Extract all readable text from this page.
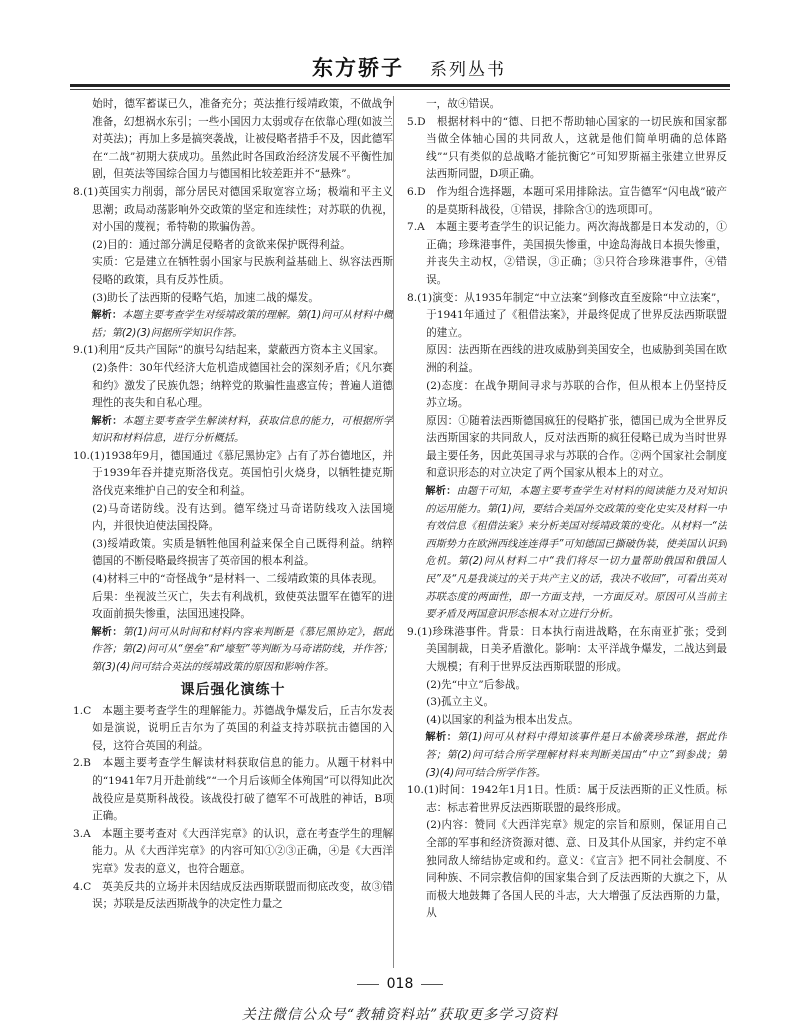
东方骄子 系列丛书

始时，德军蓄谋已久，准备充分；英法推行绥靖政策，不做战争准备，幻想祸水东引；一些小国因力太弱或存在依靠心理(如波兰对英法)；再加上多是搞突袭战，让被侵略者措手不及，因此德军在“二战”初期大获成功。虽然此时各国政治经济发展不平衡性加剧，但英法等国综合国力与德国相比较差距并不“悬殊”。

8.(1)英国实力削弱，部分居民对德国采取宽容立场；极端和平主义思潮；政局动荡影响外交政策的坚定和连续性；对苏联的仇视，对小国的蔑视；希特勒的欺骗伪善。

(2)目的：通过部分满足侵略者的贪欲来保护既得利益。

实质：它是建立在牺牲弱小国家与民族利益基础上、纵容法西斯侵略的政策，具有反苏性质。

(3)助长了法西斯的侵略气焰，加速二战的爆发。

解析：本题主要考查学生对绥靖政策的理解。第(1)问可从材料中概括；第(2)(3)问据所学知识作答。

9.(1)利用“反共产国际”的旗号勾结起来，蒙蔽西方资本主义国家。

(2)条件：30年代经济大危机造成德国社会的深刻矛盾；《凡尔赛和约》激发了民族仇怨；纳粹党的欺骗性蛊惑宣传；普遍人道德理性的丧失和自私心理。

解析：本题主要考查学生解读材料，获取信息的能力，可根据所学知识和材料信息，进行分析概括。

10.(1)1938年9月，德国通过《慕尼黑协定》占有了苏台德地区，并于1939年吞并捷克斯洛伐克。英国怕引火烧身，以牺牲捷克斯洛伐克来维护自己的安全和利益。

(2)马奇诺防线。没有达到。德军绕过马奇诺防线攻入法国境内，并很快迫使法国投降。

(3)绥靖政策。实质是牺牲他国利益来保全自己既得利益。纳粹德国的不断侵略最终损害了英帝国的根本利益。

(4)材料三中的“奇怪战争”是材料一、二绥靖政策的具体表现。

后果：坐视波兰灭亡，失去有利战机，致使英法盟军在德军的进攻面前损失惨重，法国迅速投降。

解析：第(1)问可从时间和材料内容来判断是《慕尼黑协定》，据此作答；第(2)问可从“堡垒”和“壕堑”等判断为马奇诺防线，并作答；第(3)(4)问可结合英法的绥靖政策的原因和影响作答。

课后强化演练十

1.C　本题主要考查学生的理解能力。苏德战争爆发后，丘吉尔发表如是演说，说明丘吉尔为了英国的利益支持苏联抗击德国的入侵，这符合英国的利益。

2.B　本题主要考查学生解读材料获取信息的能力。从题干材料中的“1941年7月开赴前线”“一个月后该师全体殉国”可以得知此次战役应是莫斯科战役。该战役打破了德军不可战胜的神话，B项正确。

3.A　本题主要考查对《大西洋宪章》的认识，意在考查学生的理解能力。从《大西洋宪章》的内容可知①②③正确，④是《大西洋宪章》发表的意义，也符合题意。

4.C　英美反共的立场并未因结成反法西斯联盟而彻底改变，故③错误；苏联是反法西斯战争的决定性力量之

一，故④错误。

5.D　根据材料中的“德、日把不帮助轴心国家的一切民族和国家都当做全体轴心国的共同敌人，这就是他们简单明确的总体路线”“只有类似的总战略才能抗衡它”可知罗斯福主张建立世界反法西斯同盟，D项正确。

6.D　作为组合选择题，本题可采用排除法。宣告德军“闪电战”破产的是莫斯科战役，①错误，排除含①的选项即可。

7.A　本题主要考查学生的识记能力。两次海战都是日本发动的，①正确；珍珠港事件，美国损失惨重，中途岛海战日本损失惨重，并丧失主动权，②错误，③正确；③只符合珍珠港事件，④错误。

8.(1)演变：从1935年制定“中立法案”到修改直至废除“中立法案”，于1941年通过了《租借法案》，并最终促成了世界反法西斯联盟的建立。

原因：法西斯在西线的进攻威胁到美国安全，也威胁到美国在欧洲的利益。

(2)态度：在战争期间寻求与苏联的合作，但从根本上仍坚持反苏立场。

原因：①随着法西斯德国疯狂的侵略扩张，德国已成为全世界反法西斯国家的共同敌人，反对法西斯的疯狂侵略已成为当时世界最主要任务，因此英国寻求与苏联的合作。②两个国家社会制度和意识形态的对立决定了两个国家从根本上的对立。

解析：由题干可知，本题主要考查学生对材料的阅读能力及对知识的运用能力。第(1)问，要结合美国外交政策的变化史实及材料一中有效信息《租借法案》来分析美国对绥靖政策的变化。从材料一“法西斯势力在欧洲西线连连得手”可知德国已撕破伪装，使美国认识到危机。第(2)问从材料二中“我们将尽一切力量帮助俄国和俄国人民”及“凡是我谈过的关于共产主义的话，我决不收回”，可看出英对苏联态度的两面性，即一方面支持，一方面反对。原因可从当前主要矛盾及两国意识形态根本对立进行分析。

9.(1)珍珠港事件。背景：日本执行南进战略，在东南亚扩张；受到美国制裁，日美矛盾激化。影响：太平洋战争爆发，二战达到最大规模；有利于世界反法西斯联盟的形成。

(2)先“中立”后参战。

(3)孤立主义。

(4)以国家的利益为根本出发点。

解析：第(1)问可从材料中得知该事件是日本偷袭珍珠港，据此作答；第(2)问可结合所学理解材料来判断美国由“中立”到参战；第(3)(4)问可结合所学作答。

10.(1)时间：1942年1月1日。性质：属于反法西斯的正义性质。标志：标志着世界反法西斯联盟的最终形成。

(2)内容：赞同《大西洋宪章》规定的宗旨和原则，保证用自己全部的军事和经济资源对德、意、日及其仆从国家，并约定不单独同敌人缔结协定或和约。意义：《宣言》把不同社会制度、不同种族、不同宗教信仰的国家集合到了反法西斯的大旗之下，从而极大地鼓舞了各国人民的斗志，大大增强了反法西斯的力量，从

018
关注微信公众号“教辅资料站”获取更多学习资料
